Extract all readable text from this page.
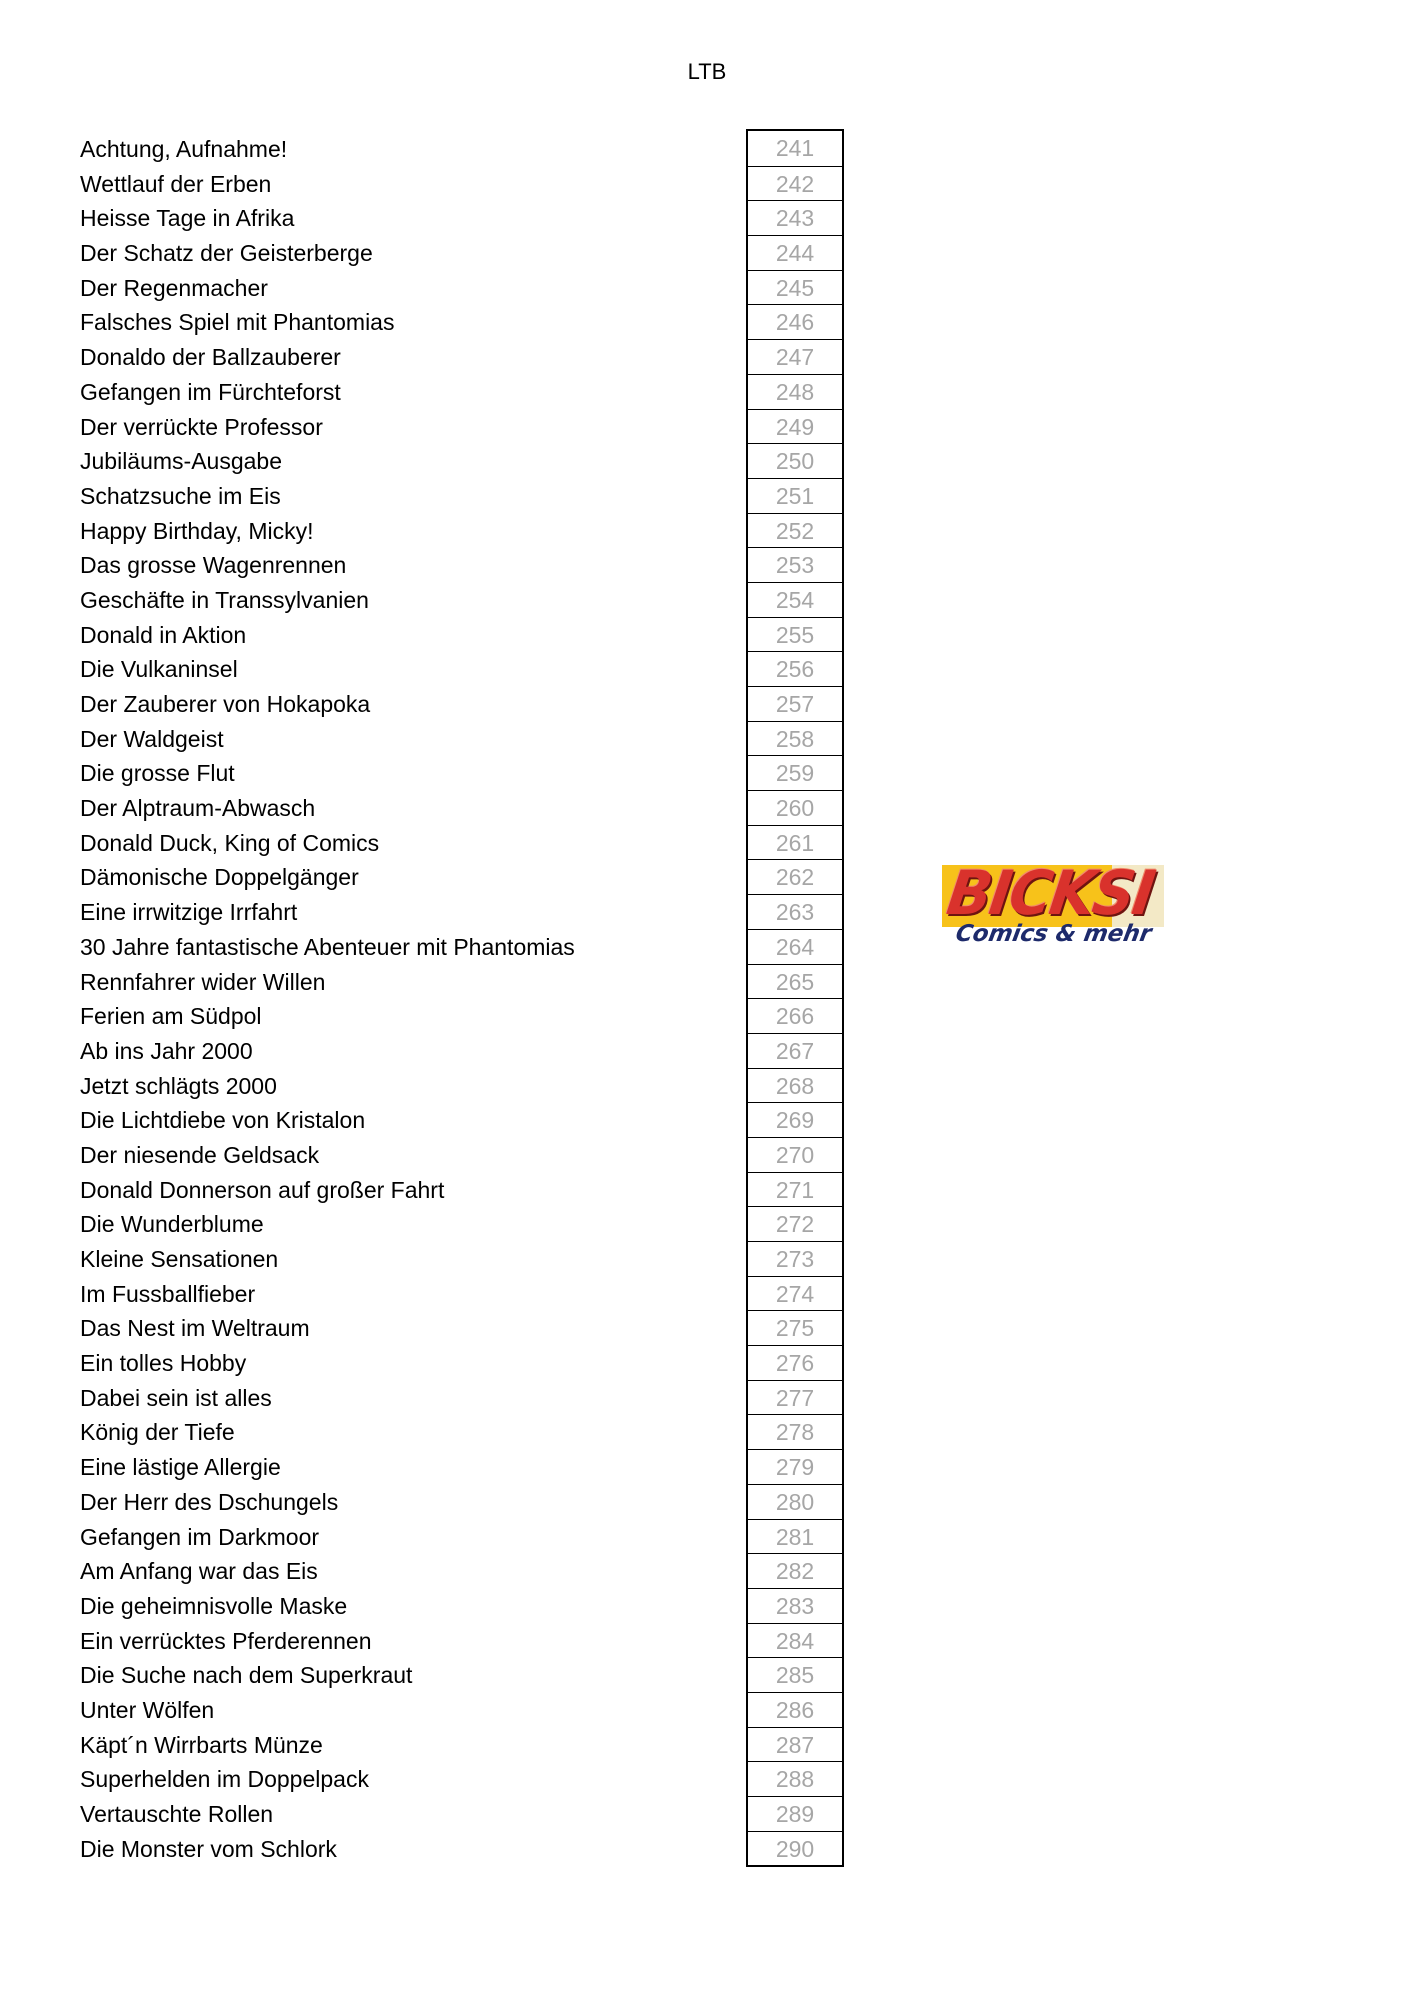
LTB
Achtung, Aufnahme!
Wettlauf der Erben
Heisse Tage in Afrika
Der Schatz der Geisterberge
Der Regenmacher
Falsches Spiel mit Phantomias
Donaldo der Ballzauberer
Gefangen im Fürchteforst
Der verrückte Professor
Jubiläums-Ausgabe
Schatzsuche im Eis
Happy Birthday, Micky!
Das grosse Wagenrennen
Geschäfte in Transsylvanien
Donald in Aktion
Die Vulkaninsel
Der Zauberer von Hokapoka
Der Waldgeist
Die grosse Flut
Der Alptraum-Abwasch
Donald Duck, King of Comics
Dämonische Doppelgänger
Eine irrwitzige Irrfahrt
30 Jahre fantastische Abenteuer mit Phantomias
Rennfahrer wider Willen
Ferien am Südpol
Ab ins Jahr 2000
Jetzt schlägts 2000
Die Lichtdiebe von Kristalon
Der niesende Geldsack
Donald Donnerson auf großer Fahrt
Die Wunderblume
Kleine Sensationen
Im Fussballfieber
Das Nest im Weltraum
Ein tolles Hobby
Dabei sein ist alles
König der Tiefe
Eine lästige Allergie
Der Herr des Dschungels
Gefangen im Darkmoor
Am Anfang war das Eis
Die geheimnisvolle Maske
Ein verrücktes Pferderennen
Die Suche nach dem Superkraut
Unter Wölfen
Käpt´n Wirrbarts Münze
Superhelden im Doppelpack
Vertauschte Rollen
Die Monster vom Schlork
241
242
243
244
245
246
247
248
249
250
251
252
253
254
255
256
257
258
259
260
261
262
263
264
265
266
267
268
269
270
271
272
273
274
275
276
277
278
279
280
281
282
283
284
285
286
287
288
289
290
BICKSI
Comics & mehr
